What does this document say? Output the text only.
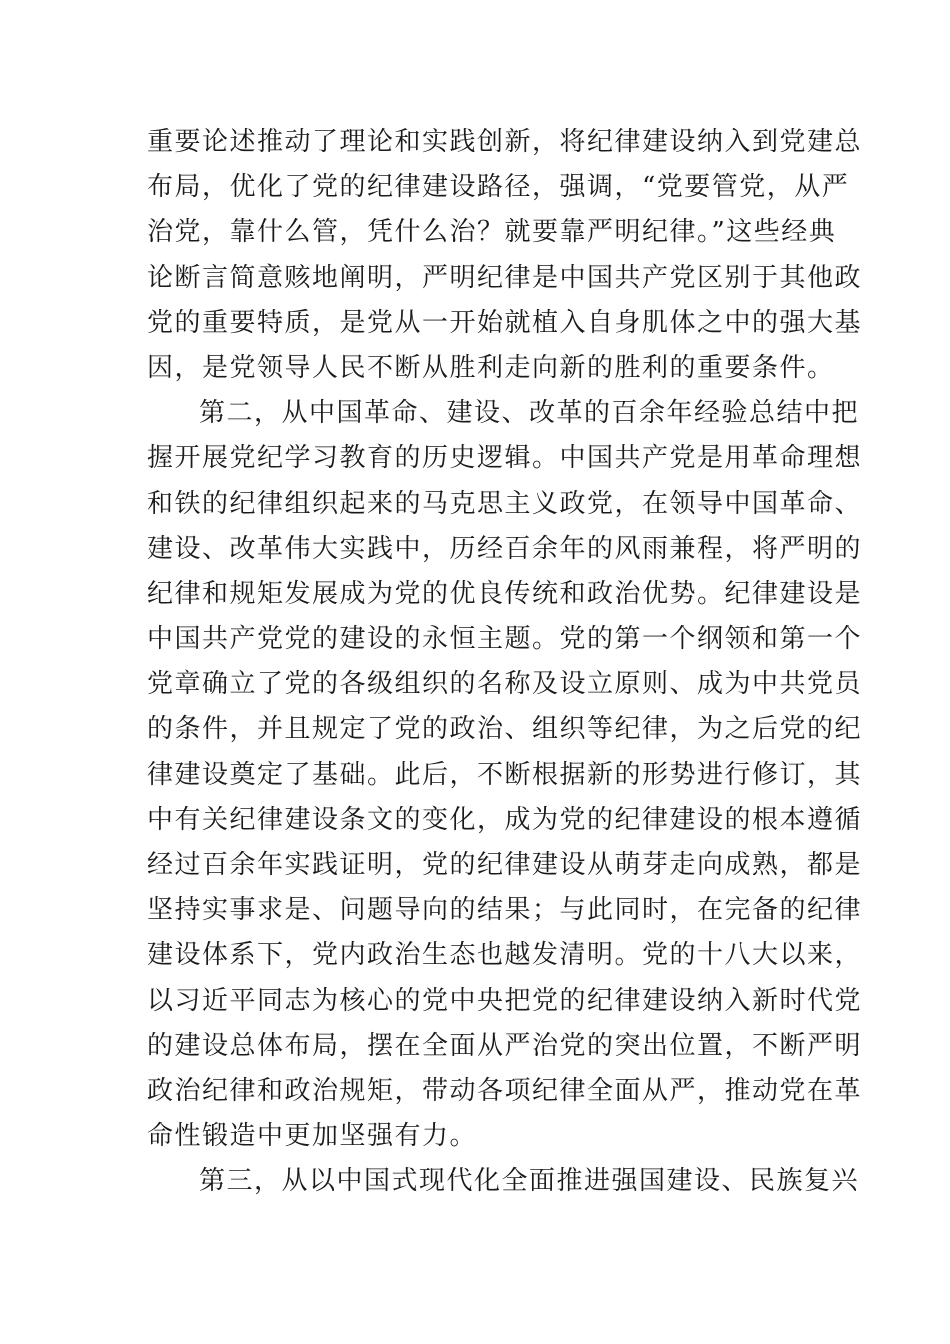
重要论述推动了理论和实践创新，将纪律建设纳入到党建总
布局，优化了党的纪律建设路径，强调，“党要管党，从严
治党，靠什么管，凭什么治？就要靠严明纪律。”这些经典
论断言简意赅地阐明，严明纪律是中国共产党区别于其他政
党的重要特质，是党从一开始就植入自身肌体之中的强大基
因，是党领导人民不断从胜利走向新的胜利的重要条件。
第二，从中国革命、建设、改革的百余年经验总结中把
握开展党纪学习教育的历史逻辑。中国共产党是用革命理想
和铁的纪律组织起来的马克思主义政党，在领导中国革命、
建设、改革伟大实践中，历经百余年的风雨兼程，将严明的
纪律和规矩发展成为党的优良传统和政治优势。纪律建设是
中国共产党党的建设的永恒主题。党的第一个纲领和第一个
党章确立了党的各级组织的名称及设立原则、成为中共党员
的条件，并且规定了党的政治、组织等纪律，为之后党的纪
律建设奠定了基础。此后，不断根据新的形势进行修订，其
中有关纪律建设条文的变化，成为党的纪律建设的根本遵循
经过百余年实践证明，党的纪律建设从萌芽走向成熟，都是
坚持实事求是、问题导向的结果；与此同时，在完备的纪律
建设体系下，党内政治生态也越发清明。党的十八大以来，
以习近平同志为核心的党中央把党的纪律建设纳入新时代党
的建设总体布局，摆在全面从严治党的突出位置，不断严明
政治纪律和政治规矩，带动各项纪律全面从严，推动党在革
命性锻造中更加坚强有力。
第三，从以中国式现代化全面推进强国建设、民族复兴
